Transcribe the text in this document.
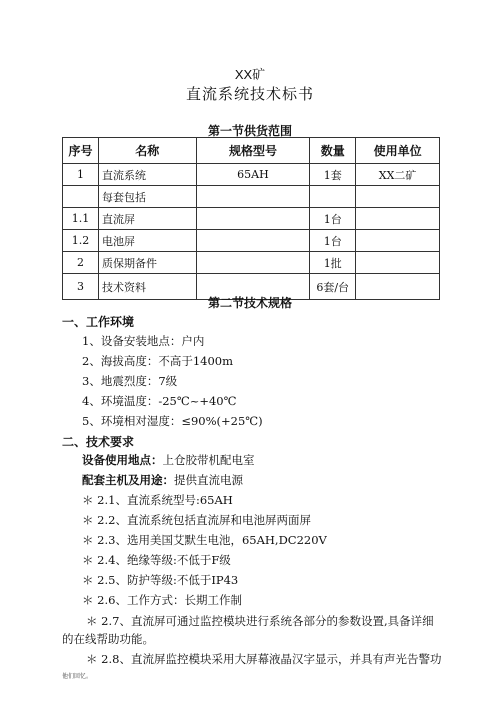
XX矿
直流系统技术标书
第一节供货范围
序号	名称	规格型号	数量	使用单位
1	直流系统	65AH	1套	XX二矿
	每套包括			
1.1	直流屏		1台	
1.2	电池屏		1台	
2	质保期备件		1批	
3	技术资料		6套/台	
第二节技术规格
一、工作环境
1、设备安装地点：户内
2、海拔高度：不高于1400m
3、地震烈度：7级
4、环境温度：-25℃~+40℃
5、环境相对湿度：≤90%(+25℃)
二、技术要求
设备使用地点：上仓胶带机配电室
配套主机及用途：提供直流电源
＊ 2.1、直流系统型号:65AH
＊ 2.2、直流系统包括直流屏和电池屏两面屏
＊ 2.3、选用美国艾默生电池，65AH,DC220V
＊ 2.4、绝缘等级:不低于F级
＊ 2.5、防护等级:不低于IP43
＊ 2.6、工作方式：长期工作制
＊ 2.7、直流屏可通过监控模块进行系统各部分的参数设置,具备详细的在线帮助功能。
＊ 2.8、直流屏监控模块采用大屏幕液晶汉字显示，并具有声光告警功
他们回忆。
